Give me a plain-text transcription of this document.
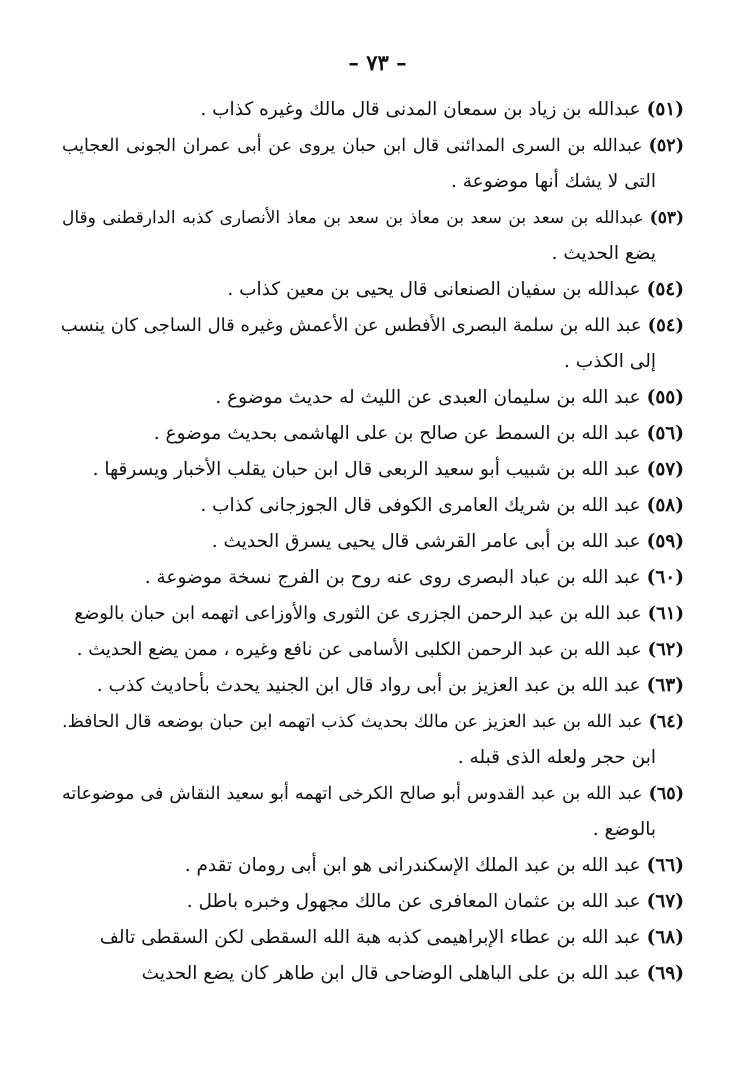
– ٧٣ –
(٥١)عبدالله بن زياد بن سمعان المدنى قال مالك وغيره كذاب .
(٥٢)عبدالله بن السرى المدائنى قال ابن حبان يروى عن أبى عمران الجونى العجايب
التى لا يشك أنها موضوعة .
(٥٣)عبدالله بن سعد بن سعد بن معاذ بن سعد بن معاذ الأنصارى كذبه الدارقطنى وقال
يضع الحديث .
(٥٤)عبدالله بن سفيان الصنعانى قال يحيى بن معين كذاب .
(٥٤)عبد الله بن سلمة البصرى الأفطس عن الأعمش وغيره قال الساجى كان ينسب
إلى الكذب .
(٥٥)عبد الله بن سليمان العبدى عن الليث له حديث موضوع .
(٥٦)عبد الله بن السمط عن صالح بن على الهاشمى بحديث موضوع .
(٥٧)عبد الله بن شبيب أبو سعيد الربعى قال ابن حبان يقلب الأخبار ويسرقها .
(٥٨)عبد الله بن شريك العامرى الكوفى قال الجوزجانى كذاب .
(٥٩)عبد الله بن أبى عامر القرشى قال يحيى يسرق الحديث .
(٦٠)عبد الله بن عباد البصرى روى عنه روح بن الفرج نسخة موضوعة .
(٦١)عبد الله بن عبد الرحمن الجزرى عن الثورى والأوزاعى اتهمه ابن حبان بالوضع
(٦٢)عبد الله بن عبد الرحمن الكلبى الأسامى عن نافع وغيره ، ممن يضع الحديث .
(٦٣)عبد الله بن عبد العزيز بن أبى رواد قال ابن الجنيد يحدث بأحاديث كذب .
(٦٤)عبد الله بن عبد العزيز عن مالك بحديث كذب اتهمه ابن حبان بوضعه قال الحافظ.
ابن حجر ولعله الذى قبله .
(٦٥)عبد الله بن عبد القدوس أبو صالح الكرخى اتهمه أبو سعيد النقاش فى موضوعاته
بالوضع .
(٦٦)عبد الله بن عبد الملك الإسكندرانى هو ابن أبى رومان تقدم .
(٦٧)عبد الله بن عثمان المعافرى عن مالك مجهول وخبره باطل .
(٦٨)عبد الله بن عطاء الإبراهيمى كذبه هبة الله السقطى لكن السقطى تالف
(٦٩)عبد الله بن على الباهلى الوضاحى قال ابن طاهر كان يضع الحديث
